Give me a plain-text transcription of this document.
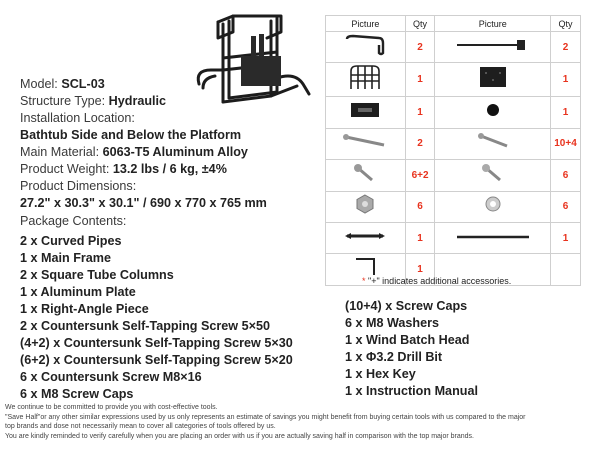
Model: SCL-03
Structure Type: Hydraulic
Installation Location:
Bathtub Side and Below the Platform
Main Material: 6063-T5 Aluminum Alloy
Product Weight: 13.2 lbs / 6 kg, ±4%
Product Dimensions:
27.2" x 30.3" x 30.1" / 690 x 770 x 765 mm
Package Contents:
2 x Curved Pipes
1 x Main Frame
2 x Square Tube Columns
1 x Aluminum Plate
1 x Right-Angle Piece
2 x Countersunk Self-Tapping Screw 5×50
(4+2) x Countersunk Self-Tapping Screw 5×30
(6+2) x Countersunk Self-Tapping Screw 5×20
6 x Countersunk Screw M8×16
6 x M8 Screw Caps
(10+4) x Screw Caps
6 x M8 Washers
1 x Wind Batch Head
1 x Φ3.2 Drill Bit
1 x Hex Key
1 x Instruction Manual
Picture	Qty	Picture	Qty
	2		2
	1		1
	1		1
	2		10+4
	6+2		6
	6		6
	1		1
	1		
* "+" indicates additional accessories.
We continue to be committed to provide you with cost-effective tools.
"Save Half"or any other similar expressions used by us only represents an estimate of savings you might benefit from buying certain tools with us compared to the major
top brands and dose not necessarily mean to cover all categories of tools offered by us.
You are kindly reminded to verify carefully when you are placing an order with us if you are actually saving half in comparison with the top major brands.
